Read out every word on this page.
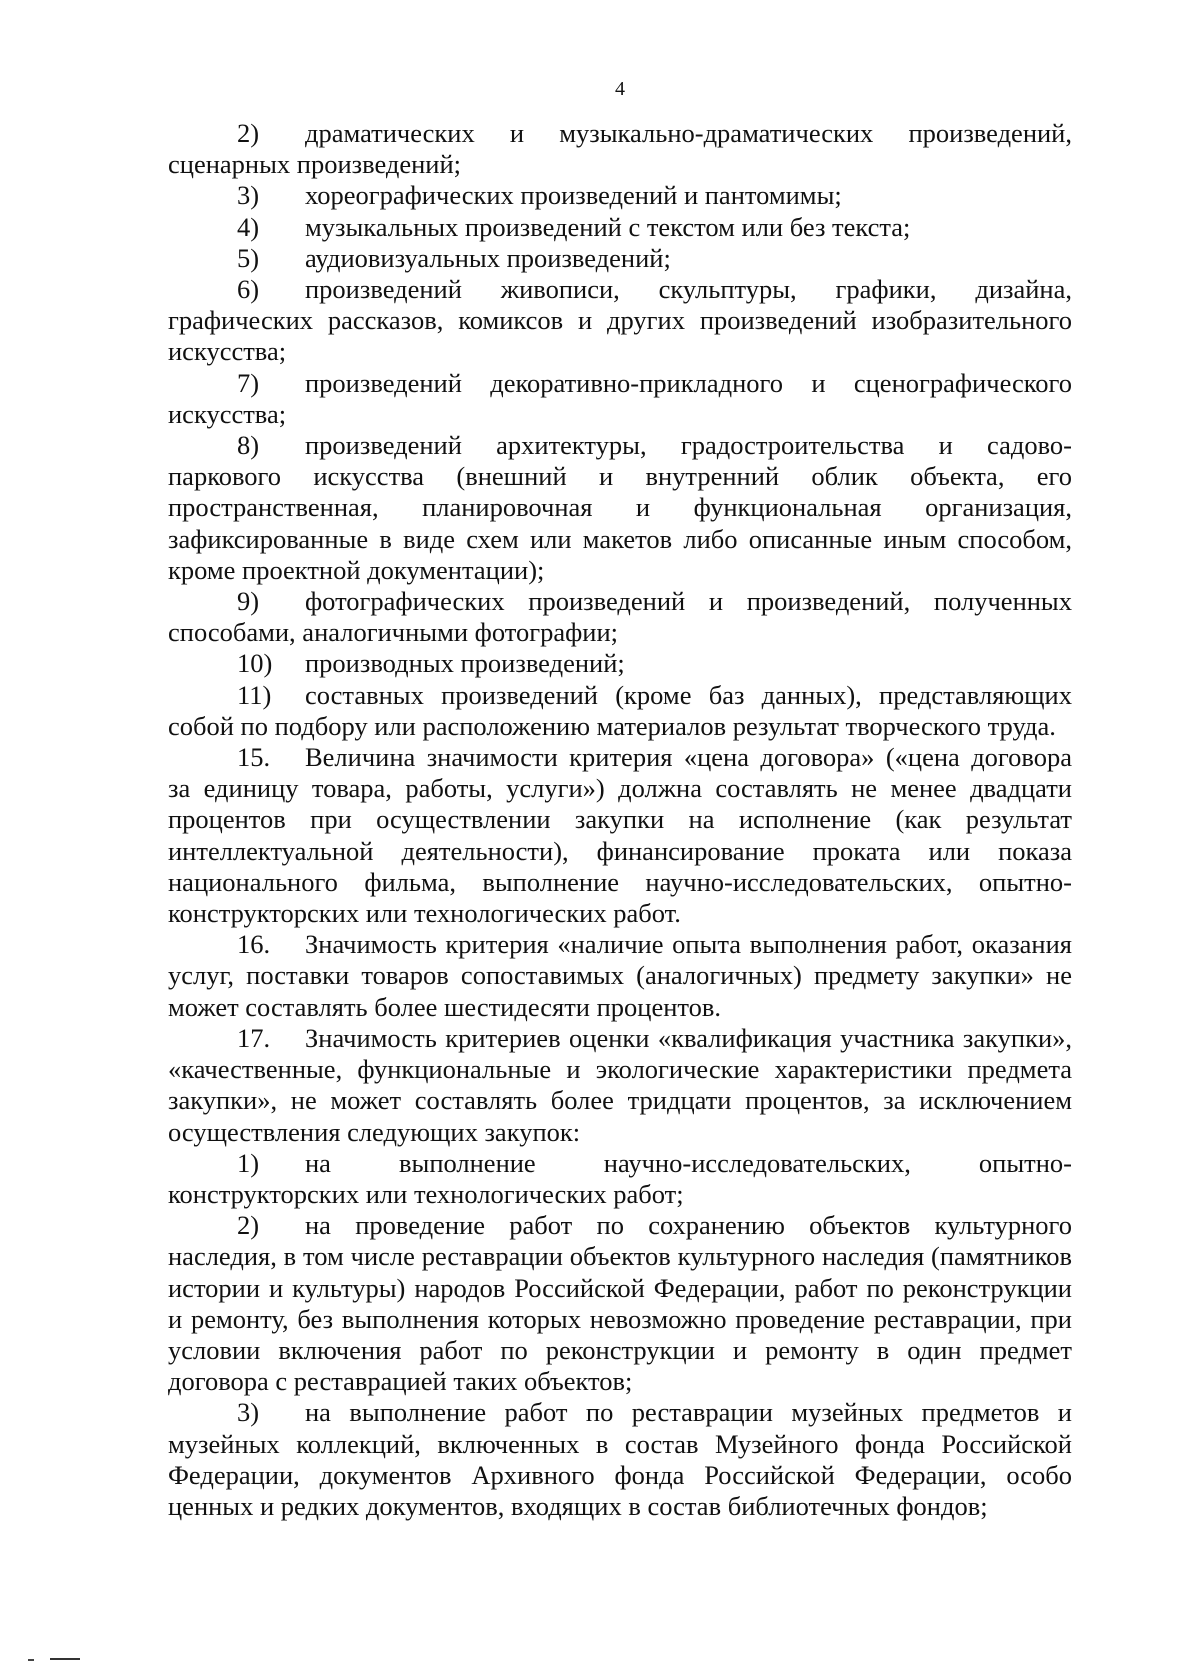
4

2) драматических и музыкально-драматических произведений, сценарных произведений;

3) хореографических произведений и пантомимы;

4) музыкальных произведений с текстом или без текста;

5) аудиовизуальных произведений;

6) произведений живописи, скульптуры, графики, дизайна, графических рассказов, комиксов и других произведений изобразительного искусства;

7) произведений декоративно-прикладного и сценографического искусства;

8) произведений архитектуры, градостроительства и садово-паркового искусства (внешний и внутренний облик объекта, его пространственная, планировочная и функциональная организация, зафиксированные в виде схем или макетов либо описанные иным способом, кроме проектной документации);

9) фотографических произведений и произведений, полученных способами, аналогичными фотографии;

10) производных произведений;

11) составных произведений (кроме баз данных), представляющих собой по подбору или расположению материалов результат творческого труда.

15. Величина значимости критерия «цена договора» («цена договора за единицу товара, работы, услуги») должна составлять не менее двадцати процентов при осуществлении закупки на исполнение (как результат интеллектуальной деятельности), финансирование проката или показа национального фильма, выполнение научно-исследовательских, опытно-конструкторских или технологических работ.

16. Значимость критерия «наличие опыта выполнения работ, оказания услуг, поставки товаров сопоставимых (аналогичных) предмету закупки» не может составлять более шестидесяти процентов.

17. Значимость критериев оценки «квалификация участника закупки», «качественные, функциональные и экологические характеристики предмета закупки», не может составлять более тридцати процентов, за исключением осуществления следующих закупок:

1) на выполнение научно-исследовательских, опытно-конструкторских или технологических работ;

2) на проведение работ по сохранению объектов культурного наследия, в том числе реставрации объектов культурного наследия (памятников истории и культуры) народов Российской Федерации, работ по реконструкции и ремонту, без выполнения которых невозможно проведение реставрации, при условии включения работ по реконструкции и ремонту в один предмет договора с реставрацией таких объектов;

3) на выполнение работ по реставрации музейных предметов и музейных коллекций, включенных в состав Музейного фонда Российской Федерации, документов Архивного фонда Российской Федерации, особо ценных и редких документов, входящих в состав библиотечных фондов;
